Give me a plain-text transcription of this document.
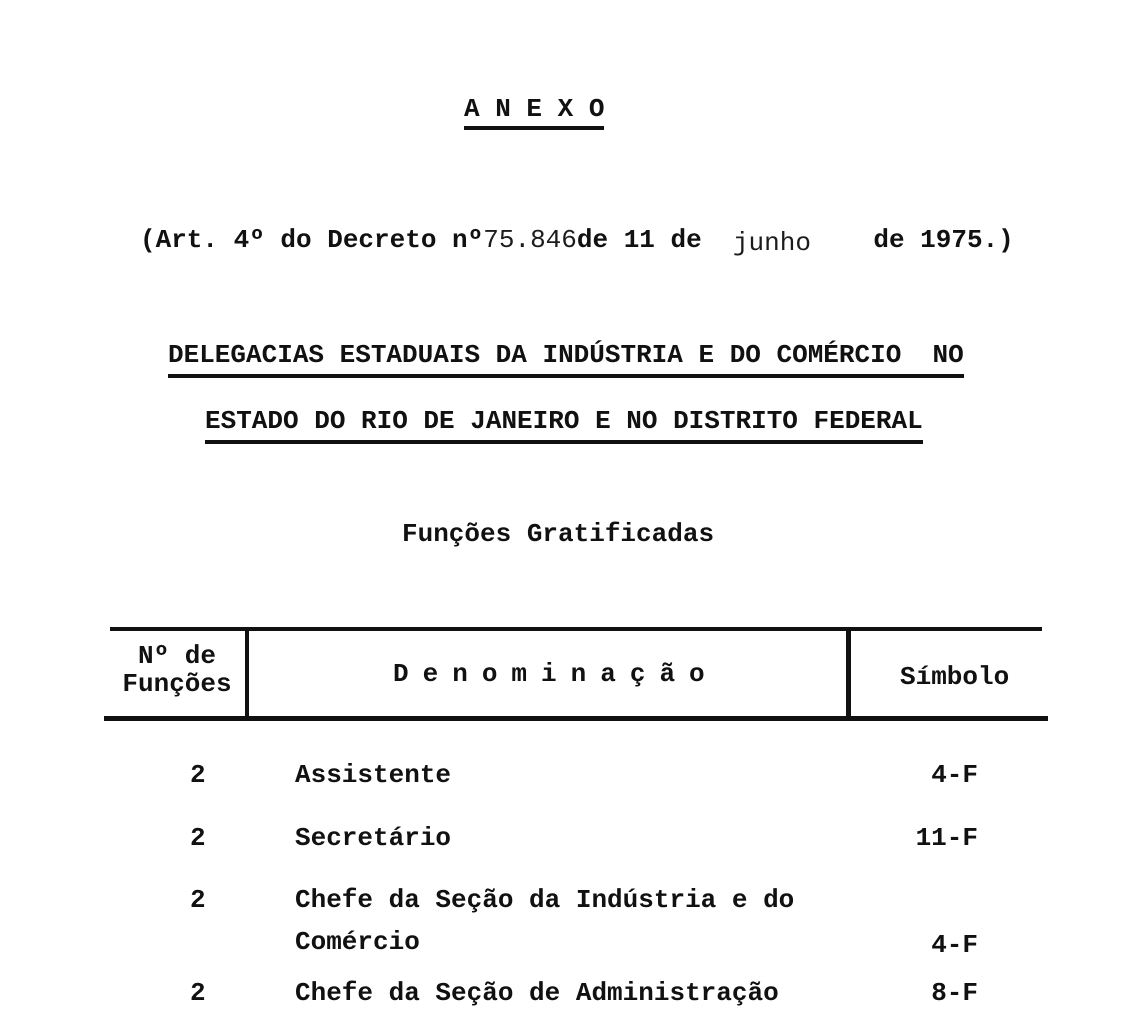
A N E X O
(Art. 4º do Decreto nº75.846de 11 de  junho    de 1975.)
DELEGACIAS ESTADUAIS DA INDÚSTRIA E DO COMÉRCIO  NO
ESTADO DO RIO DE JANEIRO E NO DISTRITO FEDERAL
Funções Gratificadas
Nº de
Funções	D e n o m i n a ç ã o	Símbolo
2	Assistente	4-F
2	Secretário	11-F
2	Chefe da Seção da Indústria e do
Comércio	4-F
2	Chefe da Seção de Administração	8-F
